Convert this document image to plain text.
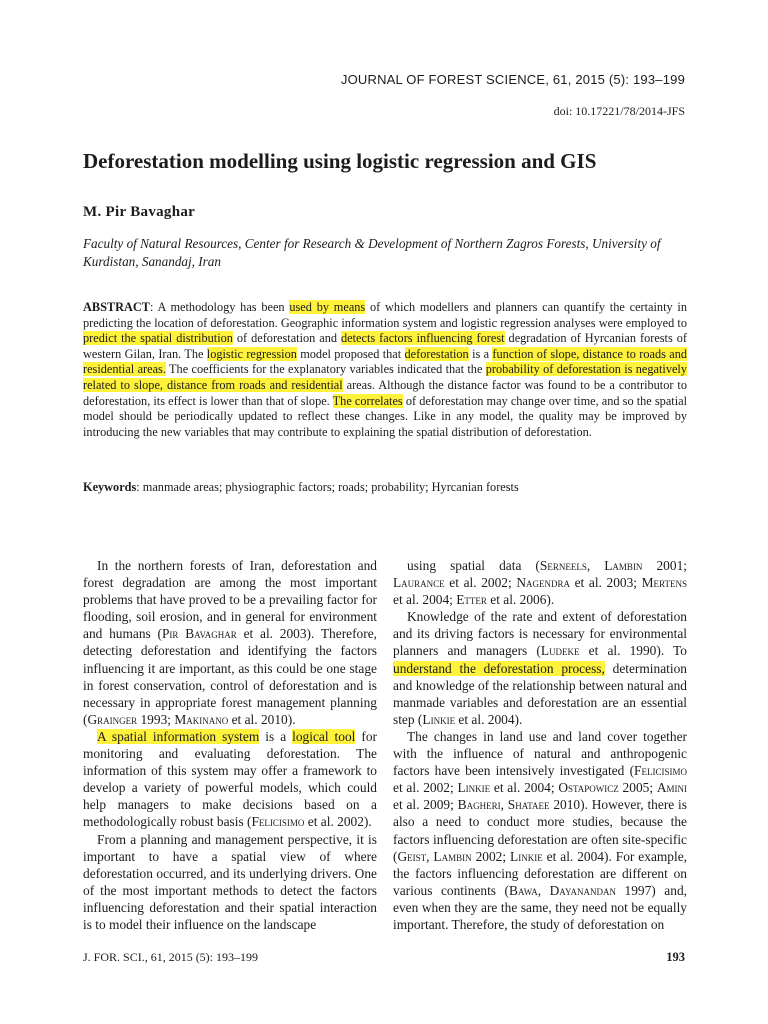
JOURNAL OF FOREST SCIENCE, 61, 2015 (5): 193–199
doi: 10.17221/78/2014-JFS
Deforestation modelling using logistic regression and GIS
M. Pir Bavaghar
Faculty of Natural Resources, Center for Research & Development of Northern Zagros Forests, University of Kurdistan, Sanandaj, Iran
ABSTRACT: A methodology has been used by means of which modellers and planners can quantify the certainty in predicting the location of deforestation. Geographic information system and logistic regression analyses were employed to predict the spatial distribution of deforestation and detects factors influencing forest degradation of Hyrcanian forests of western Gilan, Iran. The logistic regression model proposed that deforestation is a function of slope, distance to roads and residential areas. The coefficients for the explanatory variables indicated that the probability of deforestation is negatively related to slope, distance from roads and residential areas. Although the distance factor was found to be a contributor to deforestation, its effect is lower than that of slope. The correlates of deforestation may change over time, and so the spatial model should be periodically updated to reflect these changes. Like in any model, the quality may be improved by introducing the new variables that may contribute to explaining the spatial distribution of deforestation.
Keywords: manmade areas; physiographic factors; roads; probability; Hyrcanian forests

In the northern forests of Iran, deforestation and forest degradation are among the most important problems that have proved to be a prevailing factor for flooding, soil erosion, and in general for environment and humans (Pir Bavaghar et al. 2003). Therefore, detecting deforestation and identifying the factors influencing it are important, as this could be one stage in forest conservation, control of deforestation and is necessary in appropriate forest management planning (Grainger 1993; Makinano et al. 2010).

A spatial information system is a logical tool for monitoring and evaluating deforestation. The information of this system may offer a framework to develop a variety of powerful models, which could help managers to make decisions based on a methodologically robust basis (Felicisimo et al. 2002).

From a planning and management perspective, it is important to have a spatial view of where deforestation occurred, and its underlying drivers. One of the most important methods to detect the factors influencing deforestation and their spatial interaction is to model their influence on the landscape

using spatial data (Serneels, Lambin 2001; Laurance et al. 2002; Nagendra et al. 2003; Mertens et al. 2004; Etter et al. 2006).

Knowledge of the rate and extent of deforestation and its driving factors is necessary for environmental planners and managers (Ludeke et al. 1990). To understand the deforestation process, determination and knowledge of the relationship between natural and manmade variables and deforestation are an essential step (Linkie et al. 2004).

The changes in land use and land cover together with the influence of natural and anthropogenic factors have been intensively investigated (Felicisimo et al. 2002; Linkie et al. 2004; Ostapowicz 2005; Amini et al. 2009; Bagheri, Shataee 2010). However, there is also a need to conduct more studies, because the factors influencing deforestation are often site-specific (Geist, Lambin 2002; Linkie et al. 2004). For example, the factors influencing deforestation are different on various continents (Bawa, Dayanandan 1997) and, even when they are the same, they need not be equally important. Therefore, the study of deforestation on

J. FOR. SCI., 61, 2015 (5): 193–199	193
